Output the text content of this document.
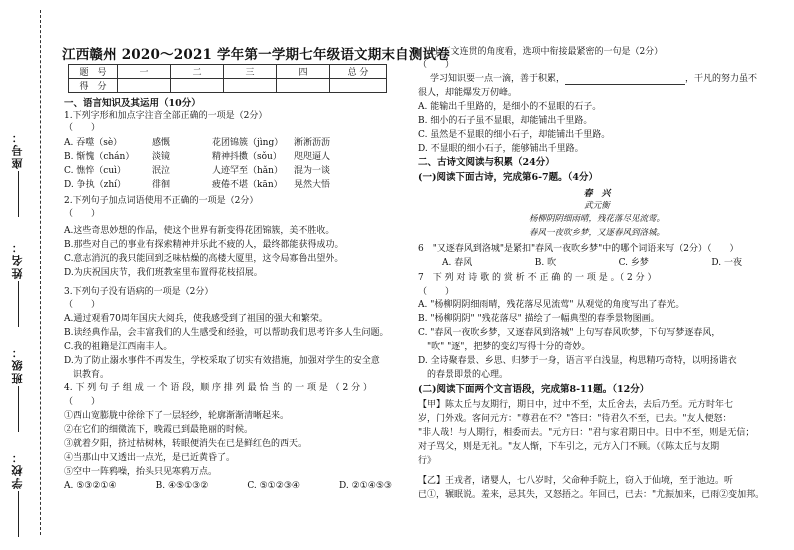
座号：
姓名：
班级：
学校：
江西赣州 2020～2021 学年第一学期七年级语文期末自测试卷
题　号	一	二	三	四	总 分
得　分					
一、语言知识及其运用（10分）
1.下列字形和加点字注音全部正确的一项是（2分）
（　　）
2.下列句子加点词语使用不正确的一项是（2分）
（　　）
A.这些奇思妙想的作品，使这个世界有新变得花团锦簇，美不胜收。
B.那些对自己的事业有探索精神并乐此不疲的人，最终都能获得成功。
C.意志消沉的我只能回到乏味枯燥的高楼大厦里，这令局寡鲁出望外。
D.为庆祝国庆节，我们班教室里布置得花枝招展。
3.下列句子没有语病的一项是（2分）
（　　）
A.通过观看70周年国庆大阅兵，使我感受到了祖国的强大和繁荣。
B.读经典作品，会丰富我们的人生感受和经验，可以帮助我们思考许多人生问题。
C.我的祖籍是江西南丰人。
D.为了防止溺水事件不再发生，学校采取了切实有效措施，加强对学生的安全意
　识教育。
4. 下 列 句 子 组 成 一 个 语 段，顺 序 排 列 最 恰 当 的 一 项 是 （ 2 分 ）
（　　）
①西山宽膨胧中徐徐下了一层轻纱，轮廓渐渐清晰起来。
②在它们的细微流下，晚霞已到最艳丽的时候。
③就着夕阳，挤过枯树林，转眼便消失在已是鲜红色的西天。
④当那山中又透出一点光，是已近黄昏了。
⑤空中一阵鸦噪，抬头只见寒鸦万点。
A. 吞噬（sè）	感慨	花团锦簇（jìng） 淅淅沥沥
B. 惭愧（chán） 淡镜	精神抖擞（sǒu） 咫咫逼人
C. 憔悴（cuì）	泯泣	人迹罕至（hǎn） 混为一谈
D. 争执（zhí）	徘徊	疲倦不堪（kān） 晃然大悟
A. ⑤③②①④	B. ④⑤①③②	C. ⑤①②③④	D. ②①④⑤③
5. 从上下文连贯的角度看，选项中衔接最紧密的一句是（2分）
（　　）
学习知识要一点一滴，善于积累，	，干凡的努力虽不
很人，却能爆发万仞峰。
A. 能输出千里路的，是细小的不显眼的石子。
B. 细小的石子虽不显眼，却能铺出千里路。
C. 虽然是不显眼的细小石子，却能铺出千里路。
D. 不显眼的细小石子，能够铺出千里路。
二、古诗文阅读与积累（24分）
(一)阅读下面古诗，完成第6-7题。（4分）
6　"又逐春风到洛城"是紧扣"春风一夜吹乡梦"中的哪个词语来写（2分）（　　）
7　下 列 对 诗 歌 的 赏 析 不 正 确 的 一 项 是 。（ 2 分 ）
（　　）
A. "杨柳阴阴细雨晴，残花落尽见流莺" 从观觉的角度写出了春光。
B. "杨柳阴阴" "残花落尽" 描绘了一幅典型的春季景物图画。
C. "春风一夜吹乡梦，又逐春风到洛城" 上句写春风吹梦，下句写梦逐春风，
　"吹" "逐"，把梦的变幻写得十分的奇妙。
D. 全诗聚春景、乡思、归梦于一身，语言平白浅显，构思精巧奇特，以明扬谐衣
　的春景即景的心理。
(二)阅读下面两个文言语段，完成第8-11题。（12分）
【甲】陈太丘与友期行，期日中，过中不至，太丘舍去，去后乃至。元方时年七
岁，门外戏。客问元方："尊君在不？"答曰："待君久不至，已去。"友人便怒：
"非人哉！与人期行，相委而去。"元方曰："君与家君期日中。日中不至，则是无信；
对子骂父，则是无礼。"友人惭，下车引之，元方入门不顾。（《陈太丘与友期
行》
【乙】王戎者，诸婴人，七八岁时，父命种手院上，窃入于仙境，至于池边。听
已①，辗眠说。羞来，忌其失，又怒捂之。年回已，已去："尤振加来，已雨②变加邦。
春　兴
武元衡
杨柳阴阴细雨晴，残花落尽见流莺。
春风一夜吹乡梦，又逐春风到洛城。
A. 春风	B. 吹	C. 乡梦	D. 一夜
